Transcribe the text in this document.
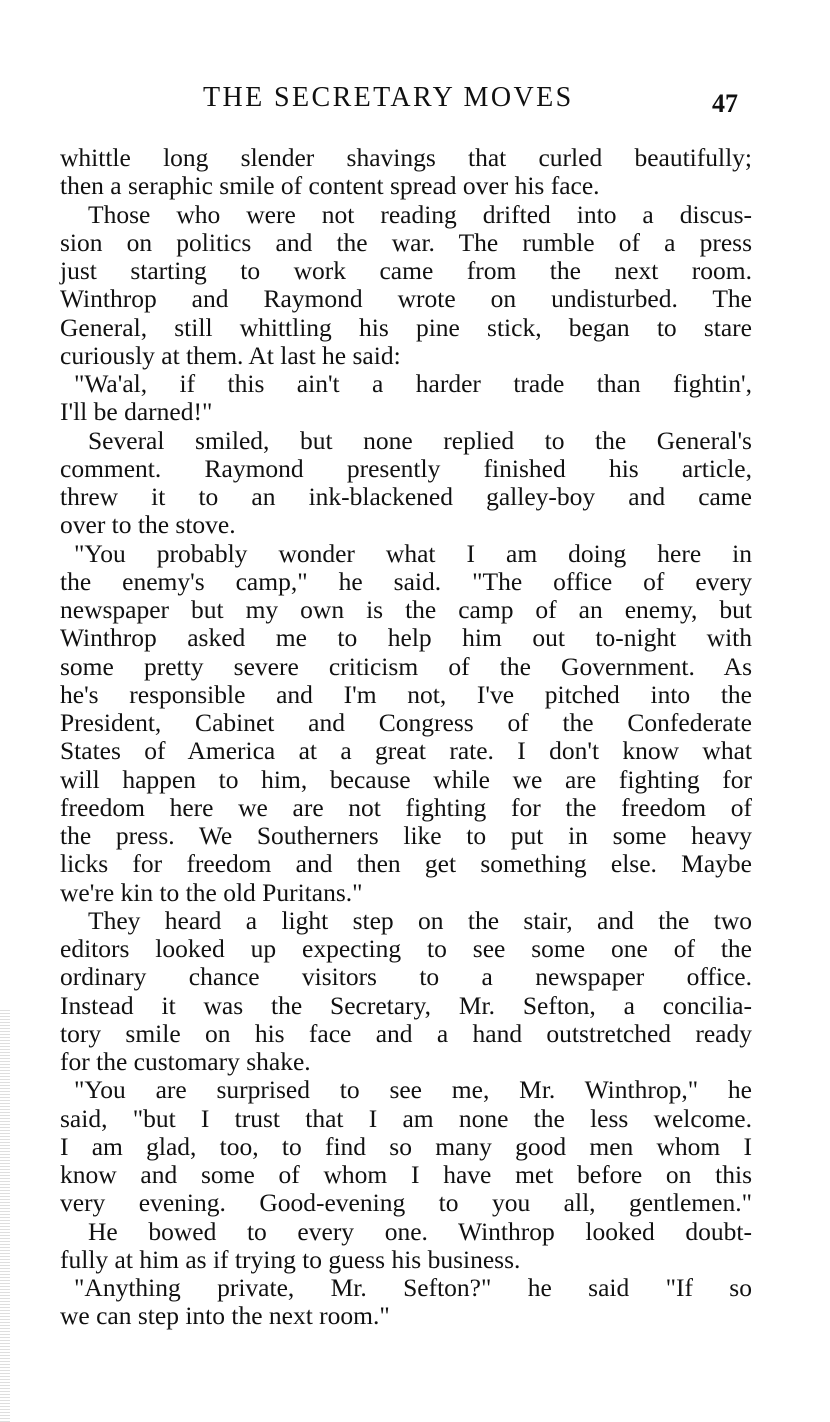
THE SECRETARY MOVES	47
whittle long slender shavings that curled beautifully;
then a seraphic smile of content spread over his face.
Those who were not reading drifted into a discus-
sion on politics and the war. The rumble of a press
just starting to work came from the next room.
Winthrop and Raymond wrote on undisturbed. The
General, still whittling his pine stick, began to stare
curiously at them. At last he said:
"Wa'al, if this ain't a harder trade than fightin',
I'll be darned!"
Several smiled, but none replied to the General's
comment. Raymond presently finished his article,
threw it to an ink-blackened galley-boy and came
over to the stove.
"You probably wonder what I am doing here in
the enemy's camp," he said. "The office of every
newspaper but my own is the camp of an enemy, but
Winthrop asked me to help him out to-night with
some pretty severe criticism of the Government. As
he's responsible and I'm not, I've pitched into the
President, Cabinet and Congress of the Confederate
States of America at a great rate. I don't know what
will happen to him, because while we are fighting for
freedom here we are not fighting for the freedom of
the press. We Southerners like to put in some heavy
licks for freedom and then get something else. Maybe
we're kin to the old Puritans."
They heard a light step on the stair, and the two
editors looked up expecting to see some one of the
ordinary chance visitors to a newspaper office.
Instead it was the Secretary, Mr. Sefton, a concilia-
tory smile on his face and a hand outstretched ready
for the customary shake.
"You are surprised to see me, Mr. Winthrop," he
said, "but I trust that I am none the less welcome.
I am glad, too, to find so many good men whom I
know and some of whom I have met before on this
very evening. Good-evening to you all, gentlemen."
He bowed to every one. Winthrop looked doubt-
fully at him as if trying to guess his business.
"Anything private, Mr. Sefton?" he said "If so
we can step into the next room."
